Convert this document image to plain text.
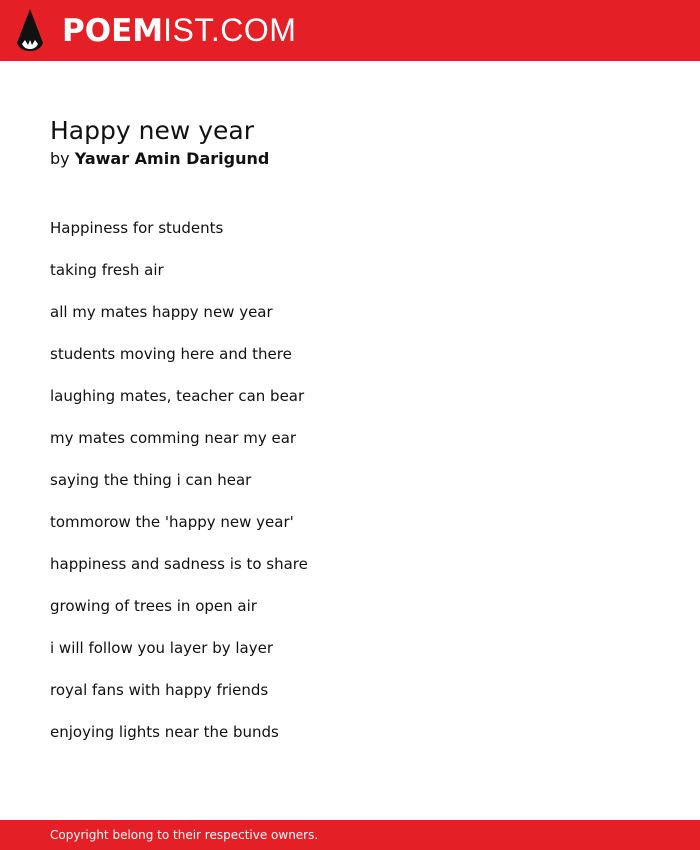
POEMIST.COM
Happy new year

by Yawar Amin Darigund

Happiness for students
taking fresh air
all my mates happy new year
students moving here and there
laughing mates, teacher can bear
my mates comming near my ear
saying the thing i can hear
tommorow the 'happy new year'
happiness and sadness is to share
growing of trees in open air
i will follow you layer by layer
royal fans with happy friends
enjoying lights near the bunds
Copyright belong to their respective owners.
